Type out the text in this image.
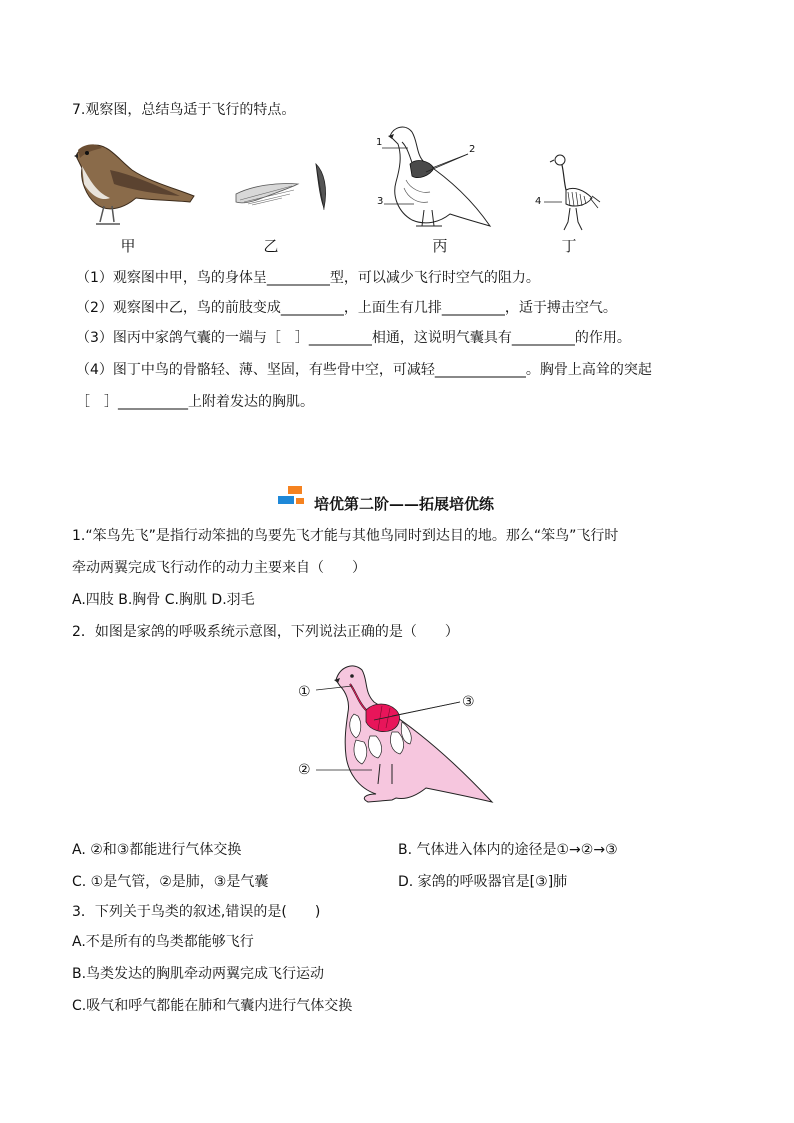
7.观察图，总结鸟适于飞行的特点。
1
2
3	4
甲	乙	丙	丁
（1）观察图中甲，鸟的身体呈_________型，可以减少飞行时空气的阻力。
（2）观察图中乙，鸟的前肢变成_________，上面生有几排_________，适于搏击空气。
（3）图丙中家鸽气囊的一端与［　］_________相通，这说明气囊具有_________的作用。
（4）图丁中鸟的骨骼轻、薄、坚固，有些骨中空，可减轻_____________。胸骨上高耸的突起
［　］__________上附着发达的胸肌。
培优第二阶——拓展培优练
1.“笨鸟先飞”是指行动笨拙的鸟要先飞才能与其他鸟同时到达目的地。那么“笨鸟”飞行时
牵动两翼完成飞行动作的动力主要来自（　　）
A.四肢 B.胸骨 C.胸肌 D.羽毛
2．如图是家鸽的呼吸系统示意图，下列说法正确的是（　　）
①
②
③
A. ②和③都能进行气体交换	B. 气体进入体内的途径是①→②→③
C. ①是气管，②是肺，③是气囊	D. 家鸽的呼吸器官是[③]肺
3．下列关于鸟类的叙述,错误的是(　　)
A.不是所有的鸟类都能够飞行
B.鸟类发达的胸肌牵动两翼完成飞行运动
C.吸气和呼气都能在肺和气囊内进行气体交换
